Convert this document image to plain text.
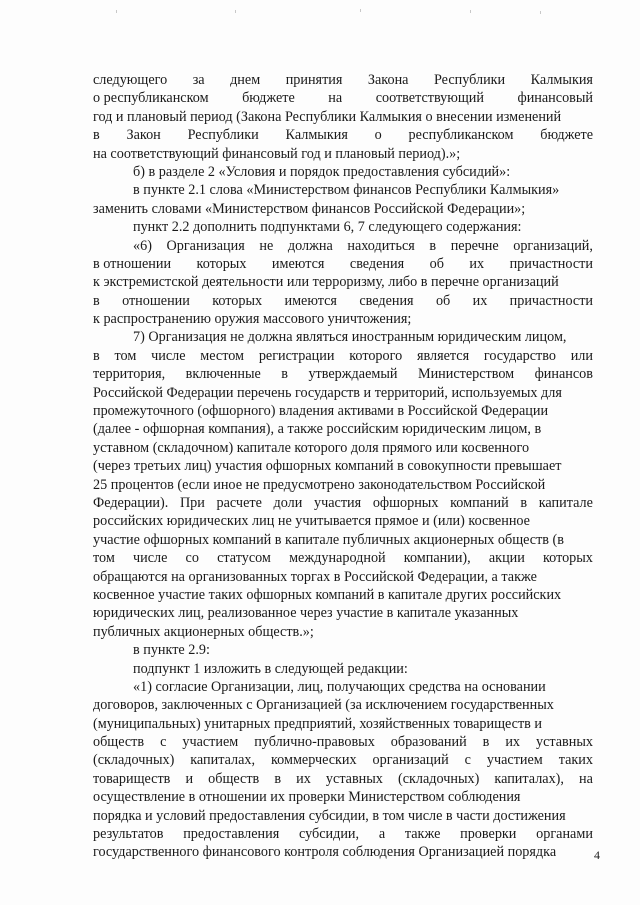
следующего за днем принятия Закона Республики Калмыкия
о республиканском бюджете на соответствующий финансовый
год и плановый период (Закона Республики Калмыкия о внесении изменений
в Закон Республики Калмыкия о республиканском бюджете
на соответствующий финансовый год и плановый период).»;
б) в разделе 2 «Условия и порядок предоставления субсидий»:
в пункте 2.1 слова «Министерством финансов Республики Калмыкия»
заменить словами «Министерством финансов Российской Федерации»;
пункт 2.2 дополнить подпунктами 6, 7 следующего содержания:
«6) Организация не должна находиться в перечне организаций,
в отношении которых имеются сведения об их причастности
к экстремистской деятельности или терроризму, либо в перечне организаций
в отношении которых имеются сведения об их причастности
к распространению оружия массового уничтожения;
7) Организация не должна являться иностранным юридическим лицом,
в том числе местом регистрации которого является государство или
территория, включенные в утверждаемый Министерством финансов
Российской Федерации перечень государств и территорий, используемых для
промежуточного (офшорного) владения активами в Российской Федерации
(далее - офшорная компания), а также российским юридическим лицом, в
уставном (складочном) капитале которого доля прямого или косвенного
(через третьих лиц) участия офшорных компаний в совокупности превышает
25 процентов (если иное не предусмотрено законодательством Российской
Федерации). При расчете доли участия офшорных компаний в капитале
российских юридических лиц не учитывается прямое и (или) косвенное
участие офшорных компаний в капитале публичных акционерных обществ (в
том числе со статусом международной компании), акции которых
обращаются на организованных торгах в Российской Федерации, а также
косвенное участие таких офшорных компаний в капитале других российских
юридических лиц, реализованное через участие в капитале указанных
публичных акционерных обществ.»;
в пункте 2.9:
подпункт 1 изложить в следующей редакции:
«1) согласие Организации, лиц, получающих средства на основании
договоров, заключенных с Организацией (за исключением государственных
(муниципальных) унитарных предприятий, хозяйственных товариществ и
обществ с участием публично-правовых образований в их уставных
(складочных) капиталах, коммерческих организаций с участием таких
товариществ и обществ в их уставных (складочных) капиталах), на
осуществление в отношении их проверки Министерством соблюдения
порядка и условий предоставления субсидии, в том числе в части достижения
результатов предоставления субсидии, а также проверки органами
государственного финансового контроля соблюдения Организацией порядка	4
